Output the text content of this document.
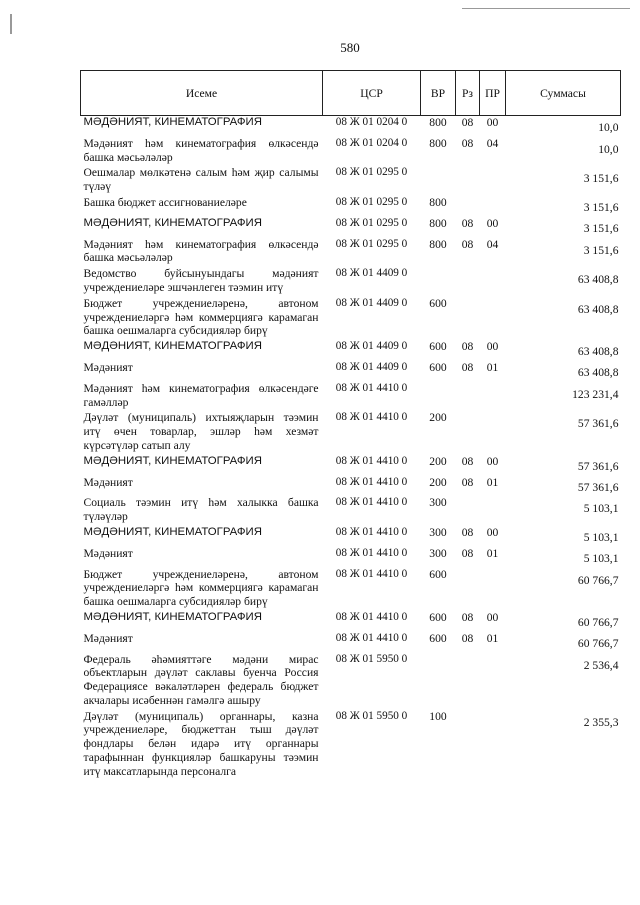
580
Исеме	ЦСР	ВР	Рз	ПР	Суммасы
МӘДӘНИЯТ, КИНЕМАТОГРАФИЯ	08 Ж 01 0204 0	800	08	00	10,0
Мәдәният һәм кинематография өлкәсендә башка мәсьәләләр	08 Ж 01 0204 0	800	08	04	10,0
Оешмалар мөлкәтенә салым һәм җир салымы түләү	08 Ж 01 0295 0				3 151,6
Башка бюджет ассигнованиеләре	08 Ж 01 0295 0	800			3 151,6
МӘДӘНИЯТ, КИНЕМАТОГРАФИЯ	08 Ж 01 0295 0	800	08	00	3 151,6
Мәдәният һәм кинематография өлкәсендә башка мәсьәләләр	08 Ж 01 0295 0	800	08	04	3 151,6
Ведомство буйсынуындагы мәдәният учреждениеләре эшчәнлеген тәэмин итү	08 Ж 01 4409 0				63 408,8
Бюджет учреждениеләренә, автоном учреждениеләргә һәм коммерциягә карамаган башка оешмаларга субсидияләр бирү	08 Ж 01 4409 0	600			63 408,8
МӘДӘНИЯТ, КИНЕМАТОГРАФИЯ	08 Ж 01 4409 0	600	08	00	63 408,8
Мәдәният	08 Ж 01 4409 0	600	08	01	63 408,8
Мәдәният һәм кинематография өлкәсендәге гамәлләр	08 Ж 01 4410 0				123 231,4
Дәүләт (муниципаль) ихтыяҗларын тәэмин итү өчен товарлар, эшләр һәм хезмәт күрсәтүләр сатып алу	08 Ж 01 4410 0	200			57 361,6
МӘДӘНИЯТ, КИНЕМАТОГРАФИЯ	08 Ж 01 4410 0	200	08	00	57 361,6
Мәдәният	08 Ж 01 4410 0	200	08	01	57 361,6
Социаль тәэмин итү һәм халыкка башка түләүләр	08 Ж 01 4410 0	300			5 103,1
МӘДӘНИЯТ, КИНЕМАТОГРАФИЯ	08 Ж 01 4410 0	300	08	00	5 103,1
Мәдәният	08 Ж 01 4410 0	300	08	01	5 103,1
Бюджет учреждениеләренә, автоном учреждениеләргә һәм коммерциягә карамаган башка оешмаларга субсидияләр бирү	08 Ж 01 4410 0	600			60 766,7
МӘДӘНИЯТ, КИНЕМАТОГРАФИЯ	08 Ж 01 4410 0	600	08	00	60 766,7
Мәдәният	08 Ж 01 4410 0	600	08	01	60 766,7
Федераль әһәмияттәге мәдәни мирас объектларын дәүләт саклавы буенча Россия Федерациясе вәкаләтләрен федераль бюджет акчалары исәбеннән гамәлгә ашыру	08 Ж 01 5950 0				2 536,4
Дәүләт (муниципаль) органнары, казна учреждениеләре, бюджеттан тыш дәүләт фондлары белән идарә итү органнары тарафыннан функцияләр башкаруны тәэмин итү максатларында персоналга	08 Ж 01 5950 0	100			2 355,3
